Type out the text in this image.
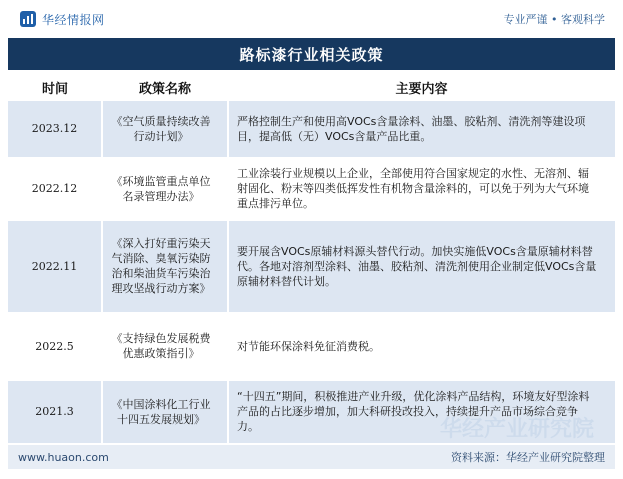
华经情报网	专业严谨 • 客观科学
路标漆行业相关政策
时间	政策名称	主要内容
2023.12	《空气质量持续改善行动计划》	严格控制生产和使用高VOCs含量涂料、油墨、胶粘剂、清洗剂等建设项目，提高低（无）VOCs含量产品比重。
2022.12	《环境监管重点单位名录管理办法》	工业涂装行业规模以上企业，全部使用符合国家规定的水性、无溶剂、辐射固化、粉末等四类低挥发性有机物含量涂料的，可以免于列为大气环境重点排污单位。
2022.11	《深入打好重污染天气消除、臭氧污染防治和柴油货车污染治理攻坚战行动方案》	要开展含VOCs原辅材料源头替代行动。加快实施低VOCs含量原辅材料替代。各地对溶剂型涂料、油墨、胶粘剂、清洗剂使用企业制定低VOCs含量原辅材料替代计划。
2022.5	《支持绿色发展税费优惠政策指引》	对节能环保涂料免征消费税。
2021.3	《中国涂料化工行业十四五发展规划》	“十四五”期间，积极推进产业升级，优化涂料产品结构，环境友好型涂料产品的占比逐步增加，加大科研投改投入，持续提升产品市场综合竞争力。
www.huaon.com	资料来源：华经产业研究院整理
